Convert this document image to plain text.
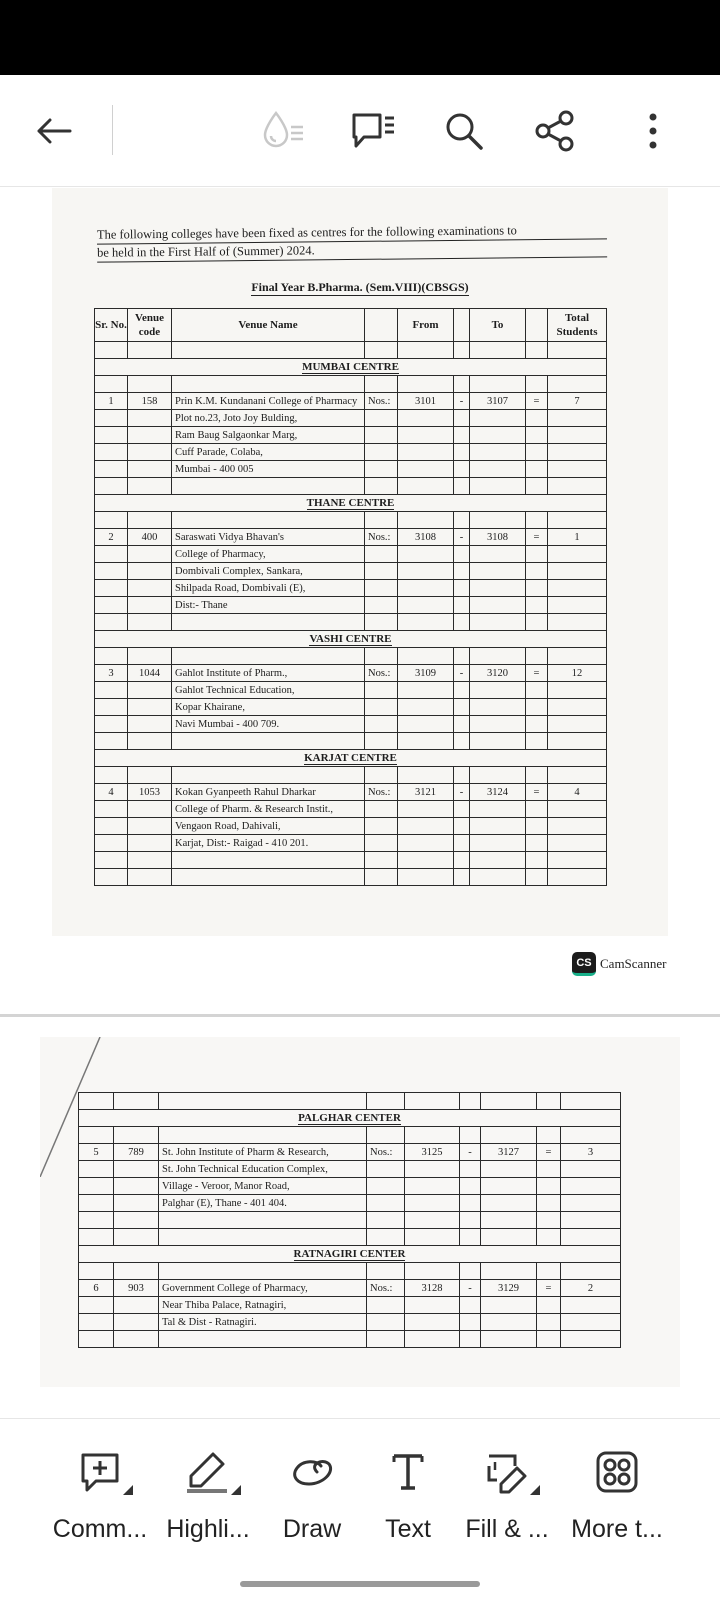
The following colleges have been fixed as centres for the following examinations to
be held in the First Half of (Summer) 2024.
Final Year B.Pharma. (Sem.VIII)(CBSGS)
Sr. No.	Venue code	Venue Name		From		To		Total Students

MUMBAI CENTRE								

1	158	Prin K.M. Kundanani College of Pharmacy	Nos.:	3101	-	3107	=	7
		Plot no.23, Joto Joy Bulding,						
		Ram Baug Salgaonkar Marg,						
		Cuff Parade, Colaba,						
		Mumbai - 400 005						

THANE CENTRE								

2	400	Saraswati Vidya Bhavan's	Nos.:	3108	-	3108	=	1
		College of Pharmacy,						
		Dombivali Complex, Sankara,						
		Shilpada Road, Dombivali (E),						
		Dist:- Thane						

VASHI CENTRE								

3	1044	Gahlot Institute of Pharm.,	Nos.:	3109	-	3120	=	12
		Gahlot Technical Education,						
		Kopar Khairane,						
		Navi Mumbai - 400 709.						

KARJAT CENTRE								

4	1053	Kokan Gyanpeeth Rahul Dharkar	Nos.:	3121	-	3124	=	4
		College of Pharm. & Research Instit.,						
		Vengaon Road, Dahivali,						
		Karjat, Dist:- Raigad - 410 201.						

CS CamScanner

PALGHAR CENTER								

5	789	St. John Institute of Pharm & Research,	Nos.:	3125	-	3127	=	3
		St. John Technical Education Complex,						
		Village - Veroor, Manor Road,						
		Palghar (E), Thane - 401 404.						

RATNAGIRI CENTER								

6	903	Government College of Pharmacy,	Nos.:	3128	-	3129	=	2
		Near Thiba Palace, Ratnagiri,						
		Tal & Dist - Ratnagiri.						

Comm... Highli...	Draw	Text	Fill & ... More t...
